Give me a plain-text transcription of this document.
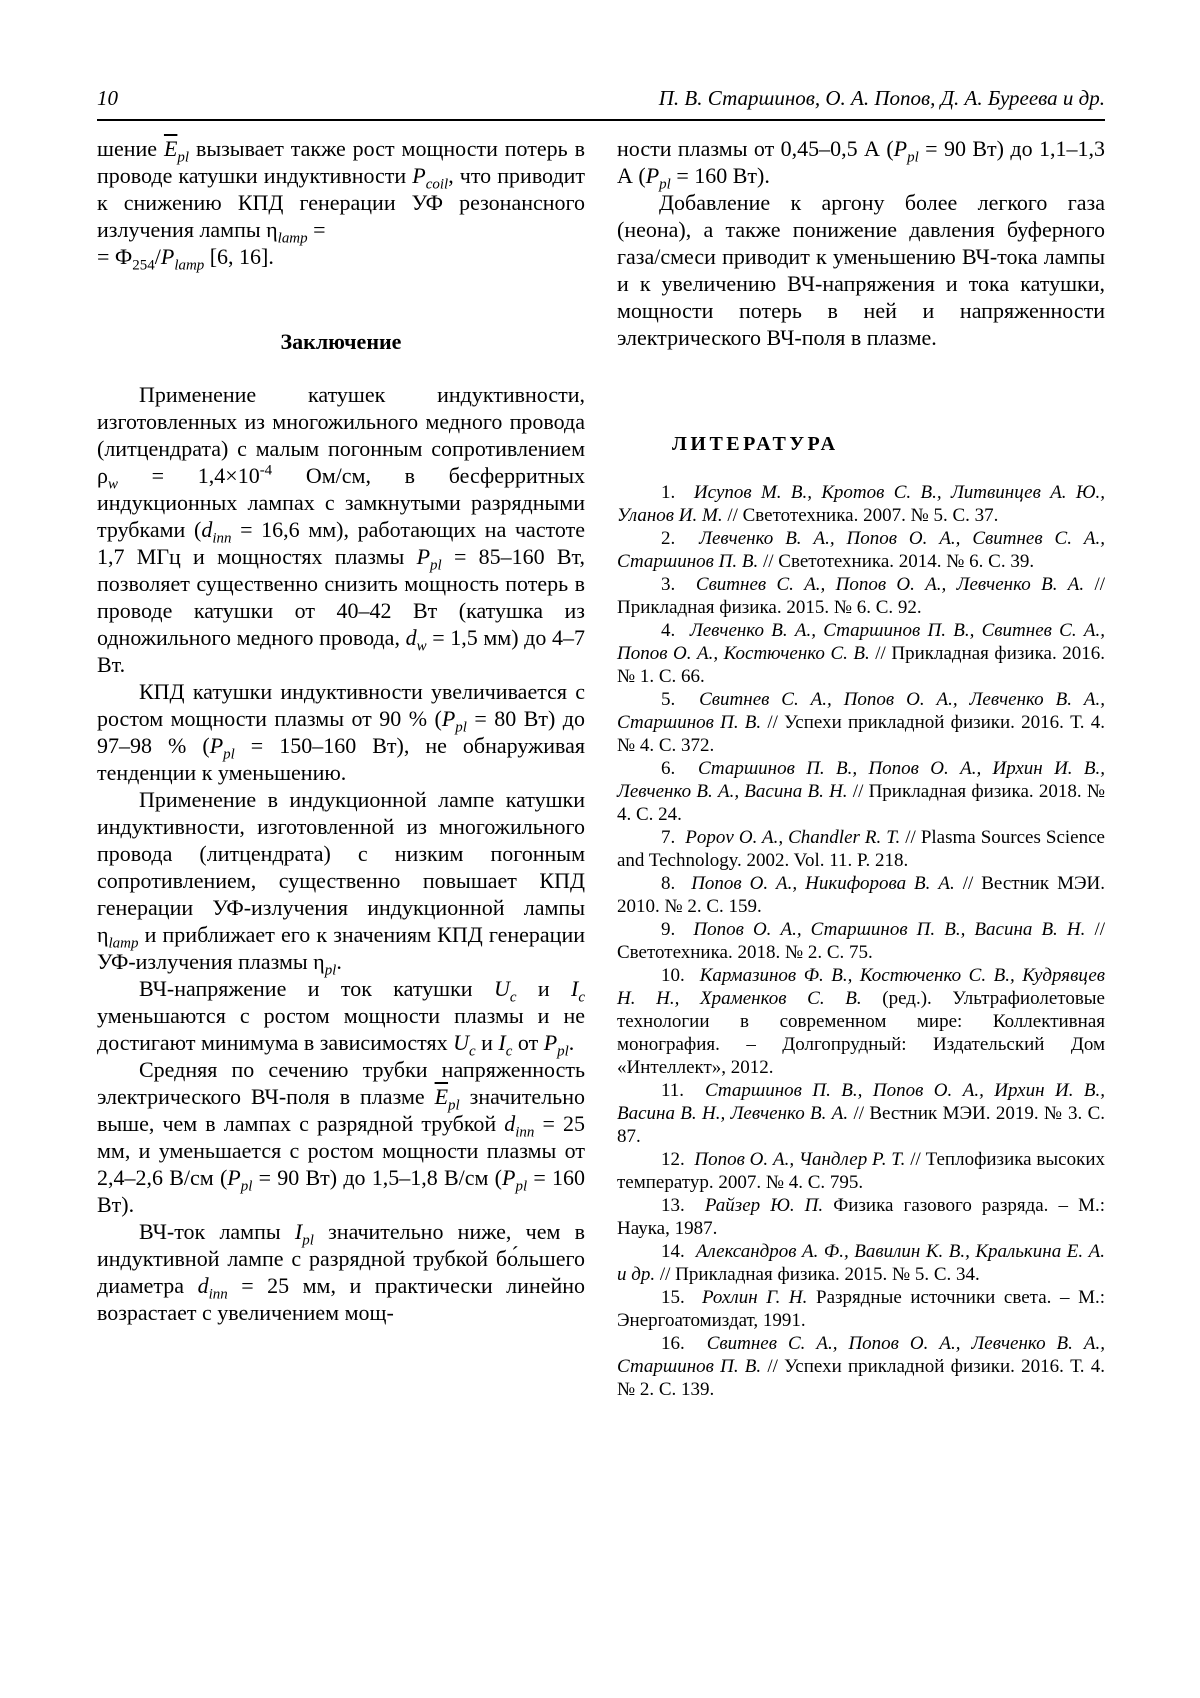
10	П. В. Старшинов, О. А. Попов, Д. А. Буреева и др.

шение $\overline{E}_{pl}$ вызывает также рост мощности потерь в проводе катушки индуктивности $P_{coil}$, что приводит к снижению КПД генерации УФ резонансного излучения лампы $\eta_{lamp}$ =
= $Ф_{254}/P_{lamp}$ [6, 16].

Заключение

Применение катушек индуктивности, изготовленных из многожильного медного провода (литцендрата) с малым погонным сопротивлением $\rho_w = 1,4\times 10^{-4}$ Ом/см, в бесферритных индукционных лампах с замкнутыми разрядными трубками ($d_{inn} = 16,6$ мм), работающих на частоте 1,7 МГц и мощностях плазмы $P_{pl} = 85-160$ Вт, позволяет существенно снизить мощность потерь в проводе катушки от 40–42 Вт (катушка из одножильного медного провода, $d_w = 1,5$ мм) до 4–7 Вт.

КПД катушки индуктивности увеличивается с ростом мощности плазмы от 90 % ($P_{pl} = 80$ Вт) до 97–98 % ($P_{pl} = 150-160$ Вт), не обнаруживая тенденции к уменьшению.

Применение в индукционной лампе катушки индуктивности, изготовленной из многожильного провода (литцендрата) с низким погонным сопротивлением, существенно повышает КПД генерации УФ-излучения индукционной лампы $\eta_{lamp}$ и приближает его к значениям КПД генерации УФ-излучения плазмы $\eta_{pl}$.

ВЧ-напряжение и ток катушки $U_c$ и $I_c$ уменьшаются с ростом мощности плазмы и не достигают минимума в зависимостях $U_c$ и $I_c$ от $P_{pl}$.

Средняя по сечению трубки напряженность электрического ВЧ-поля в плазме $\overline{E}_{pl}$ значительно выше, чем в лампах с разрядной трубкой $d_{inn} = 25$ мм, и уменьшается с ростом мощности плазмы от 2,4–2,6 В/см ($P_{pl} = 90$ Вт) до 1,5–1,8 В/см ($P_{pl} = 160$ Вт).

ВЧ-ток лампы $I_{pl}$ значительно ниже, чем в индуктивной лампе с разрядной трубкой бо́льшего диаметра $d_{inn} = 25$ мм, и практически линейно возрастает с увеличением мощ-

ности плазмы от 0,45–0,5 А ($P_{pl} = 90$ Вт) до 1,1–1,3 А ($P_{pl} = 160$ Вт).

Добавление к аргону более легкого газа (неона), а также понижение давления буферного газа/смеси приводит к уменьшению ВЧ-тока лампы и к увеличению ВЧ-напряжения и тока катушки, мощности потерь в ней и напряженности электрического ВЧ-поля в плазме.

ЛИТЕРАТУРА

1.  Исупов М. В., Кротов С. В., Литвинцев А. Ю., Уланов И. М. // Светотехника. 2007. № 5. С. 37.

2.  Левченко В. А., Попов О. А., Свитнев С. А., Старшинов П. В. // Светотехника. 2014. № 6. С. 39.

3.  Свитнев С. А., Попов О. А., Левченко В. А. // Прикладная физика. 2015. № 6. С. 92.

4.  Левченко В. А., Старшинов П. В., Свитнев С. А., Попов О. А., Костюченко С. В. // Прикладная физика. 2016. № 1. С. 66.

5.  Свитнев С. А., Попов О. А., Левченко В. А., Старшинов П. В. // Успехи прикладной физики. 2016. Т. 4. № 4. С. 372.

6.  Старшинов П. В., Попов О. А., Ирхин И. В., Левченко В. А., Васина В. Н. // Прикладная физика. 2018. № 4. С. 24.

7.  Popov O. A., Chandler R. T. // Plasma Sources Science and Technology. 2002. Vol. 11. P. 218.

8.  Попов О. А., Никифорова В. А. // Вестник МЭИ. 2010. № 2. С. 159.

9.  Попов О. А., Старшинов П. В., Васина В. Н. // Светотехника. 2018. № 2. С. 75.

10.  Кармазинов Ф. В., Костюченко С. В., Кудрявцев Н. Н., Храменков С. В. (ред.). Ультрафиолетовые технологии в современном мире: Коллективная монография. – Долгопрудный: Издательский Дом «Интеллект», 2012.

11.  Старшинов П. В., Попов О. А., Ирхин И. В., Васина В. Н., Левченко В. А. // Вестник МЭИ. 2019. № 3. С. 87.

12.  Попов О. А., Чандлер Р. Т. // Теплофизика высоких температур. 2007. № 4. С. 795.

13.  Райзер Ю. П. Физика газового разряда. – М.: Наука, 1987.

14.  Александров А. Ф., Вавилин К. В., Кралькина Е. А. и др. // Прикладная физика. 2015. № 5. С. 34.

15.  Рохлин Г. Н. Разрядные источники света. – М.: Энергоатомиздат, 1991.

16.  Свитнев С. А., Попов О. А., Левченко В. А., Старшинов П. В. // Успехи прикладной физики. 2016. Т. 4. № 2. С. 139.
